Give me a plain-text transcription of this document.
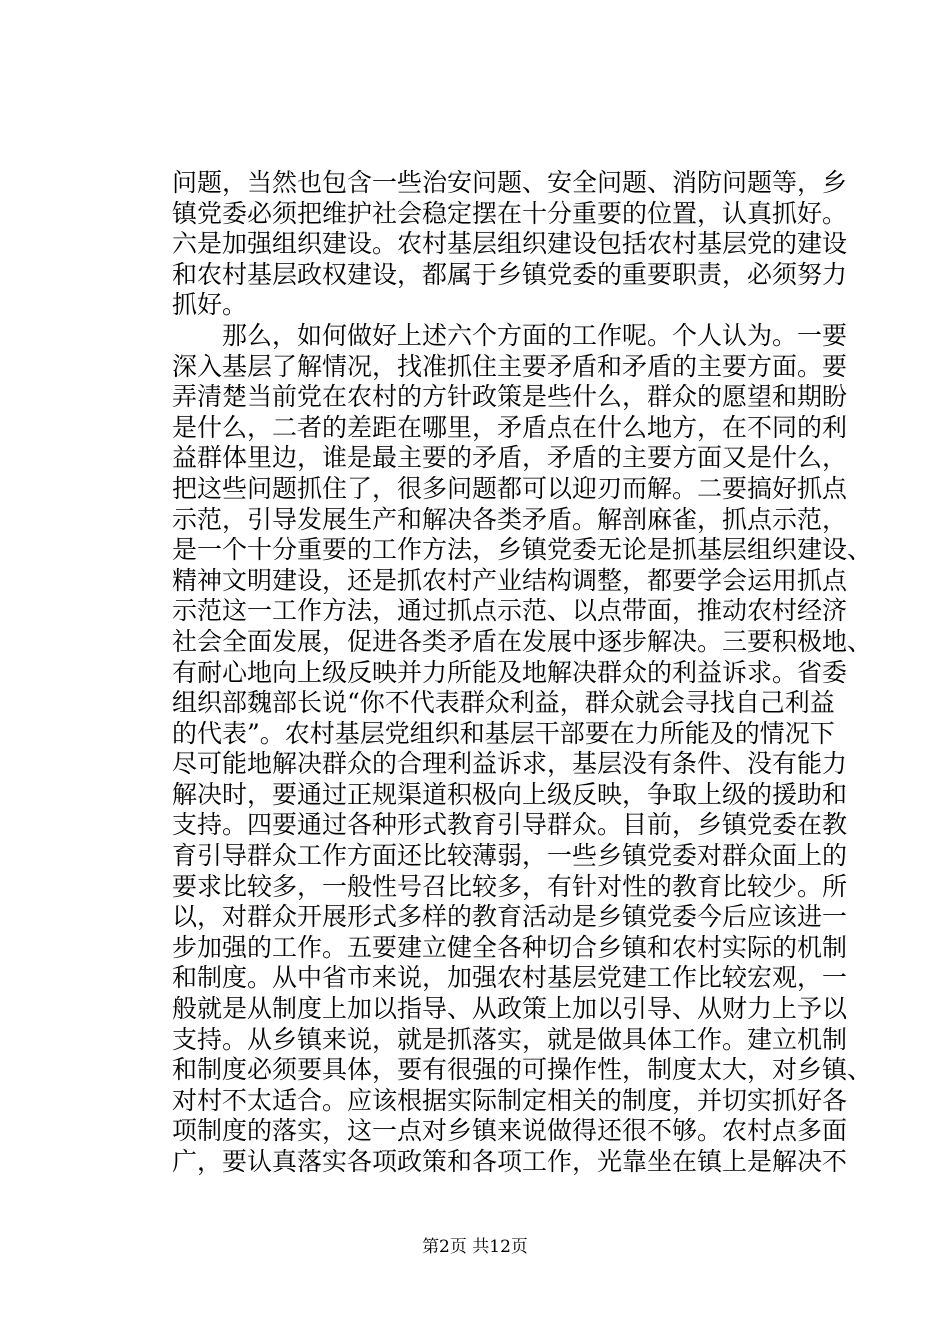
问题，当然也包含一些治安问题、安全问题、消防问题等，乡
镇党委必须把维护社会稳定摆在十分重要的位置，认真抓好。
六是加强组织建设。农村基层组织建设包括农村基层党的建设
和农村基层政权建设，都属于乡镇党委的重要职责，必须努力
抓好。
　　那么，如何做好上述六个方面的工作呢。个人认为。一要
深入基层了解情况，找准抓住主要矛盾和矛盾的主要方面。要
弄清楚当前党在农村的方针政策是些什么，群众的愿望和期盼
是什么，二者的差距在哪里，矛盾点在什么地方，在不同的利
益群体里边，谁是最主要的矛盾，矛盾的主要方面又是什么，
把这些问题抓住了，很多问题都可以迎刃而解。二要搞好抓点
示范，引导发展生产和解决各类矛盾。解剖麻雀，抓点示范，
是一个十分重要的工作方法，乡镇党委无论是抓基层组织建设、
精神文明建设，还是抓农村产业结构调整，都要学会运用抓点
示范这一工作方法，通过抓点示范、以点带面，推动农村经济
社会全面发展，促进各类矛盾在发展中逐步解决。三要积极地、
有耐心地向上级反映并力所能及地解决群众的利益诉求。省委
组织部魏部长说“你不代表群众利益，群众就会寻找自己利益
的代表”。农村基层党组织和基层干部要在力所能及的情况下
尽可能地解决群众的合理利益诉求，基层没有条件、没有能力
解决时，要通过正规渠道积极向上级反映，争取上级的援助和
支持。四要通过各种形式教育引导群众。目前，乡镇党委在教
育引导群众工作方面还比较薄弱，一些乡镇党委对群众面上的
要求比较多，一般性号召比较多，有针对性的教育比较少。所
以，对群众开展形式多样的教育活动是乡镇党委今后应该进一
步加强的工作。五要建立健全各种切合乡镇和农村实际的机制
和制度。从中省市来说，加强农村基层党建工作比较宏观，一
般就是从制度上加以指导、从政策上加以引导、从财力上予以
支持。从乡镇来说，就是抓落实，就是做具体工作。建立机制
和制度必须要具体，要有很强的可操作性，制度太大，对乡镇、
对村不太适合。应该根据实际制定相关的制度，并切实抓好各
项制度的落实，这一点对乡镇来说做得还很不够。农村点多面
广，要认真落实各项政策和各项工作，光靠坐在镇上是解决不
第2页 共12页
